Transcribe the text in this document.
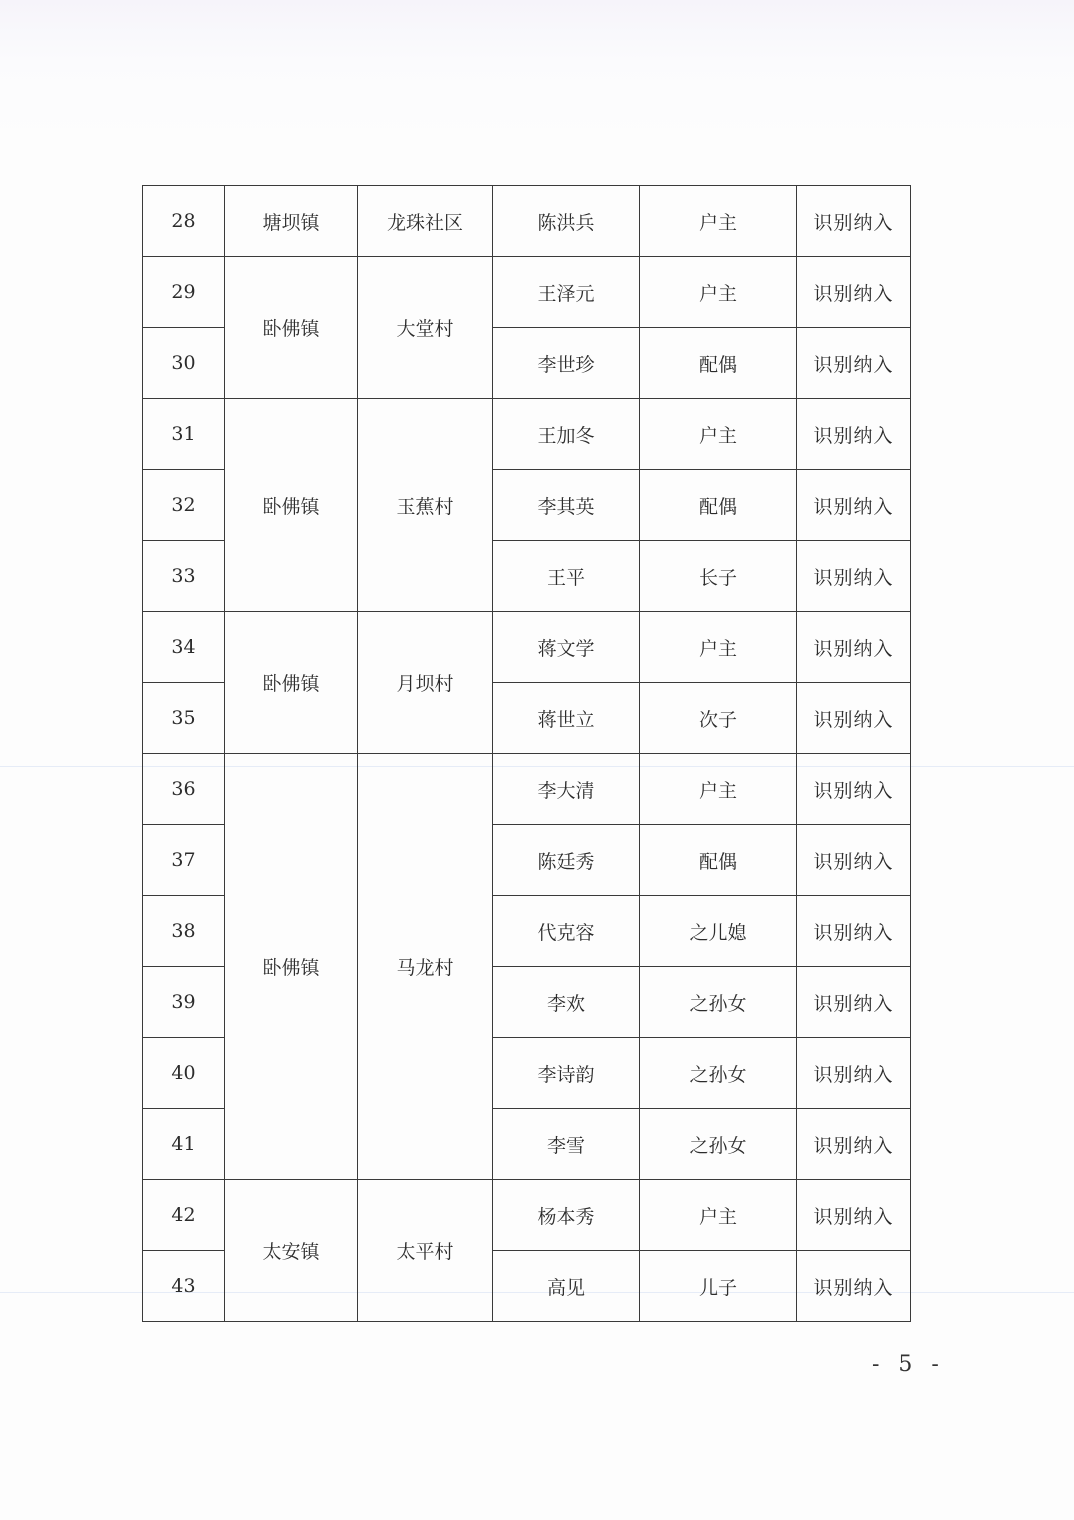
28	塘坝镇	龙珠社区	陈洪兵	户主	识别纳入
29	卧佛镇	大堂村	王泽元	户主	识别纳入
30			李世珍	配偶	识别纳入
31	卧佛镇	玉蕉村	王加冬	户主	识别纳入
32			李其英	配偶	识别纳入
33			王平	长子	识别纳入
34	卧佛镇	月坝村	蒋文学	户主	识别纳入
35			蒋世立	次子	识别纳入
36	卧佛镇	马龙村	李大清	户主	识别纳入
37			陈廷秀	配偶	识别纳入
38			代克容	之儿媳	识别纳入
39			李欢	之孙女	识别纳入
40			李诗韵	之孙女	识别纳入
41			李雪	之孙女	识别纳入
42	太安镇	太平村	杨本秀	户主	识别纳入
43			高见	儿子	识别纳入
- 5 -
